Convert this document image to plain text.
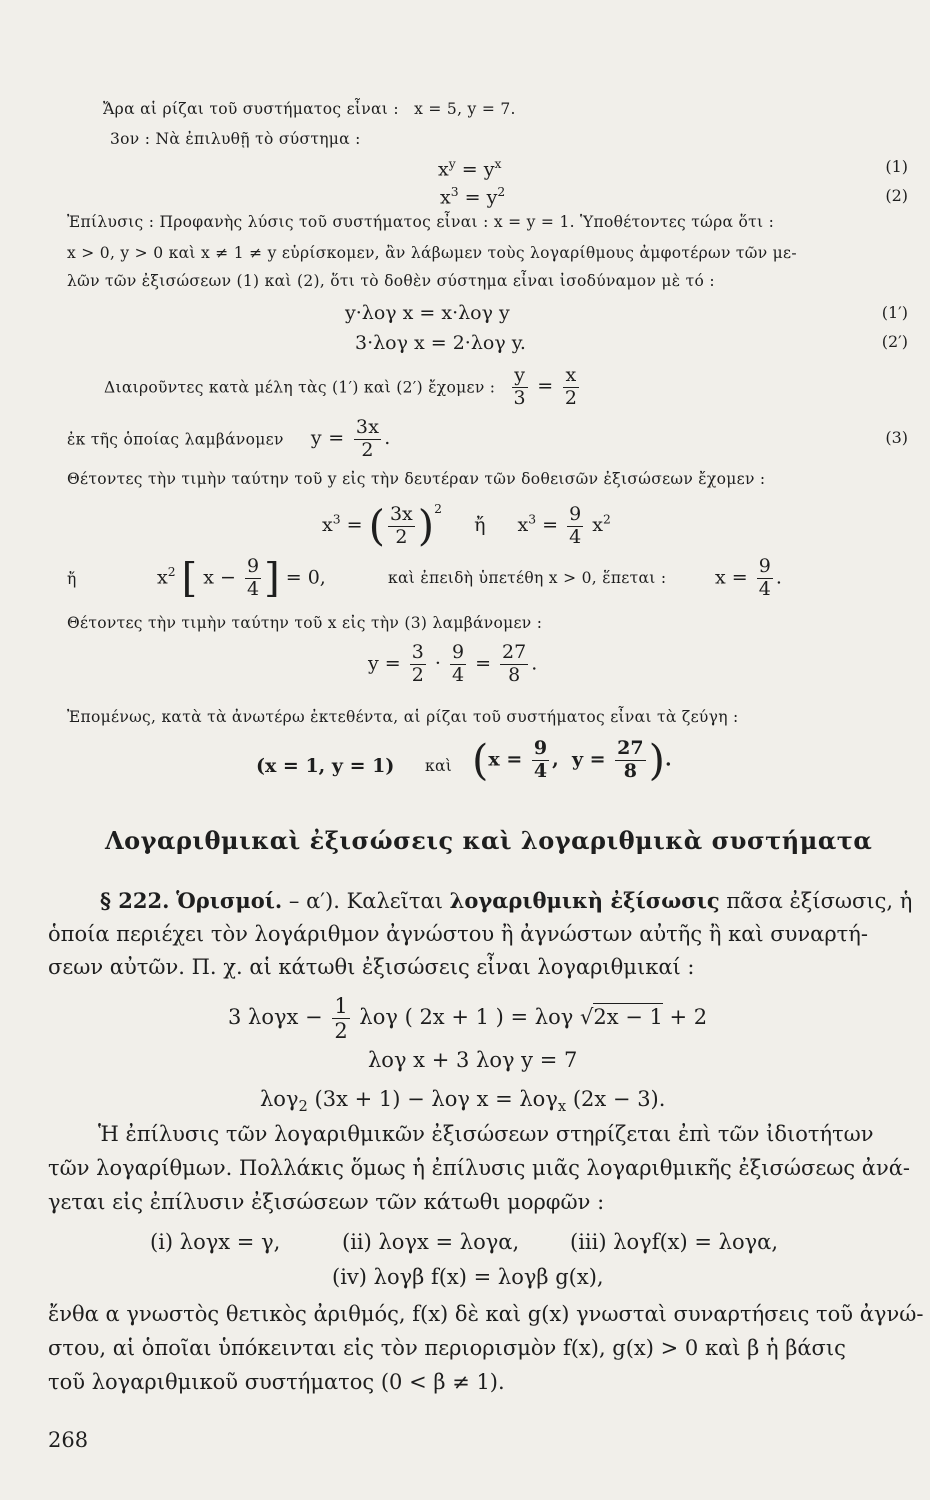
Ἄρα αἱ ρίζαι τοῦ συστήματος εἶναι : x = 5, y = 7.
3ον : Νὰ ἐπιλυθῇ τὸ σύστημα :
$x^y = y^x$	(1)
$x^3 = y^2$	(2)
Ἐπίλυσις : Προφανὴς λύσις τοῦ συστήματος εἶναι : x = y = 1. Ὑποθέτοντες τώρα ὅτι :
x > 0, y > 0 καὶ x ≠ 1 ≠ y εὑρίσκομεν, ἂν λάβωμεν τοὺς λογαρίθμους ἀμφοτέρων τῶν με-
λῶν τῶν ἐξισώσεων (1) καὶ (2), ὅτι τὸ δοθὲν σύστημα εἶναι ἰσοδύναμον μὲ τό :
y·λογ x = x·λογ y	(1′)
3·λογ x = 2·λογ y.	(2′)
Διαιροῦντες κατὰ μέλη τὰς (1′) καὶ (2′) ἔχομεν : $\frac{y}{3} = \frac{x}{2}$
ἐκ τῆς ὁποίας λαμβάνομεν $y = \frac{3x}{2}$ .	(3)
Θέτοντες τὴν τιμὴν ταύτην τοῦ y εἰς τὴν δευτέραν τῶν δοθεισῶν ἐξισώσεων ἔχομεν :
$x^3$ = ( $\frac{3x}{2} )^2$ ἤ $x^3 = \frac{9}{4} x^2$
ἤ	$x^2$ [ $x - \frac{9}{4}$ ] = 0,	καὶ ἐπειδὴ ὑπετέθη x > 0, ἕπεται :	$x = \frac{9}{4}$ .
Θέτοντες τὴν τιμὴν ταύτην τοῦ x εἰς τὴν (3) λαμβάνομεν :
$y = \frac{3}{2} \cdot \frac{9}{4} = \frac{27}{8}$ .
Ἐπομένως, κατὰ τὰ ἀνωτέρω ἐκτεθέντα, αἱ ρίζαι τοῦ συστήματος εἶναι τὰ ζεύγη :
(x = 1, y = 1) καὶ ($x = \frac{9}{4}$ ,  $y = \frac{27}{8}$ ).
Λογαριθμικαὶ ἐξισώσεις καὶ λογαριθμικὰ συστήματα
§ 222. Ὁρισμοί. – α′). Καλεῖται λογαριθμικὴ ἐξίσωσις πᾶσα ἐξίσωσις, ἡ
ὁποία περιέχει τὸν λογάριθμον ἀγνώστου ἢ ἀγνώστων αὐτῆς ἢ καὶ συναρτή-
σεων αὐτῶν. Π. χ. αἱ κάτωθι ἐξισώσεις εἶναι λογαριθμικαί :
3 $\lambda o\gamma x - \frac{1}{2}$ λογ ( 2x + 1 ) = λογ √2x − 1 + 2
λογ x + 3 λογ y = 7
λογ$_2$ (3x + 1) − λογ x = λογ$_x$ (2x − 3).
Ἡ ἐπίλυσις τῶν λογαριθμικῶν ἐξισώσεων στηρίζεται ἐπὶ τῶν ἰδιοτήτων
τῶν λογαρίθμων. Πολλάκις ὅμως ἡ ἐπίλυσις μιᾶς λογαριθμικῆς ἐξισώσεως ἀνά-
γεται εἰς ἐπίλυσιν ἐξισώσεων τῶν κάτωθι μορφῶν :
(i) λογx = γ,	(ii) λογx = λογα, (iii) λογf(x) = λογα,
(iv) λογβ f(x) = λογβ g(x),
ἔνθα α γνωστὸς θετικὸς ἀριθμός, f(x) δὲ καὶ g(x) γνωσταὶ συναρτήσεις τοῦ ἀγνώ-
στου, αἱ ὁποῖαι ὑπόκεινται εἰς τὸν περιορισμὸν f(x), g(x) > 0 καὶ β ἡ βάσις
τοῦ λογαριθμικοῦ συστήματος (0 < β ≠ 1).
268
